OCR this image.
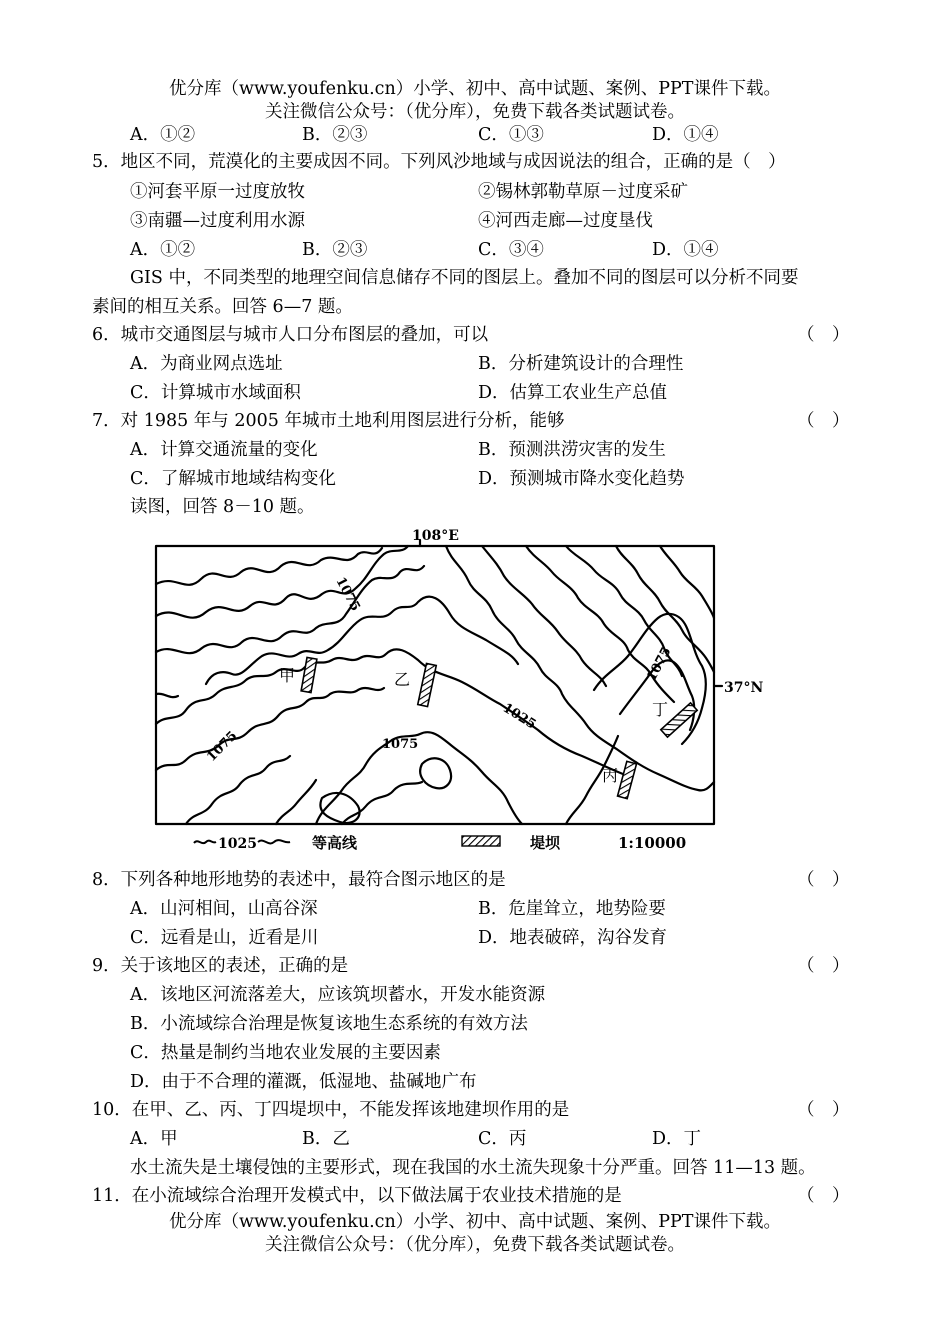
优分库（www.youfenku.cn）小学、初中、高中试题、案例、PPT课件下载。
关注微信公众号：（优分库），免费下载各类试题试卷。
A．①②	B．②③	C．①③	D．①④
5．地区不同，荒漠化的主要成因不同。下列风沙地域与成因说法的组合，正确的是（　）
①河套平原一过度放牧	②锡林郭勒草原－过度采矿
③南疆—过度利用水源	④河西走廊—过度垦伐
A．①②	B．②③	C．③④	D．①④
GIS 中，不同类型的地理空间信息储存不同的图层上。叠加不同的图层可以分析不同要
素间的相互关系。回答 6—7 题。
6．城市交通图层与城市人口分布图层的叠加，可以	（　）
A．为商业网点选址	B．分析建筑设计的合理性
C．计算城市水域面积	D．估算工农业生产总值
7．对 1985 年与 2005 年城市土地利用图层进行分析，能够	（　）
A．计算交通流量的变化	B．预测洪涝灾害的发生
C．了解城市地域结构变化	D．预测城市降水变化趋势
读图，回答 8－10 题。
108°E
37°N
1075
1075
1075	1075
1025
甲	乙
丙
丁
1025	等高线	堤坝	1:10000
8．下列各种地形地势的表述中，最符合图示地区的是	（　）
A．山河相间，山高谷深	B．危崖耸立，地势险要
C．远看是山，近看是川	D．地表破碎，沟谷发育
9．关于该地区的表述，正确的是	（　）
A．该地区河流落差大，应该筑坝蓄水，开发水能资源
B．小流域综合治理是恢复该地生态系统的有效方法
C．热量是制约当地农业发展的主要因素
D．由于不合理的灌溉，低湿地、盐碱地广布
10．在甲、乙、丙、丁四堤坝中，不能发挥该地建坝作用的是	（　）
A．甲	B．乙	C．丙	D．丁
水土流失是土壤侵蚀的主要形式，现在我国的水土流失现象十分严重。回答 11—13 题。
11．在小流域综合治理开发模式中，以下做法属于农业技术措施的是	（　）
优分库（www.youfenku.cn）小学、初中、高中试题、案例、PPT课件下载。
关注微信公众号：（优分库），免费下载各类试题试卷。
